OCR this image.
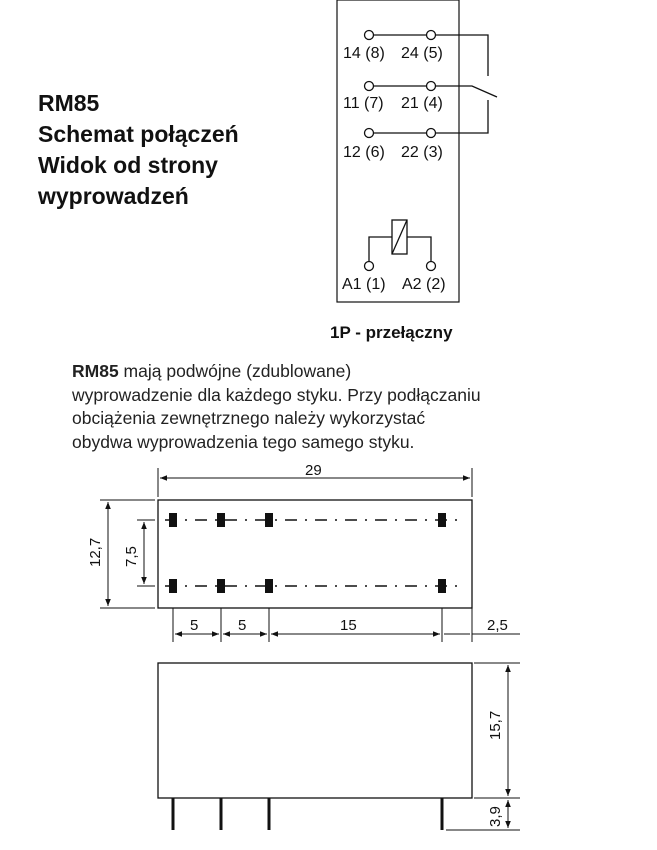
RM85
Schemat połączeń
Widok od strony
wyprowadzeń
RM85 mają podwójne (zdublowane)
wyprowadzenie dla każdego styku. Przy podłączaniu
obciążenia zewnętrznego należy wykorzystać
obydwa wyprowadzenia tego samego styku.
14 (8) 24 (5)
11 (7) 21 (4)
12 (6) 22 (3)
A1 (1) A2 (2)
1P - przełączny
29
12,7 7,5
5	5	15	2,5
15,7
3,9
